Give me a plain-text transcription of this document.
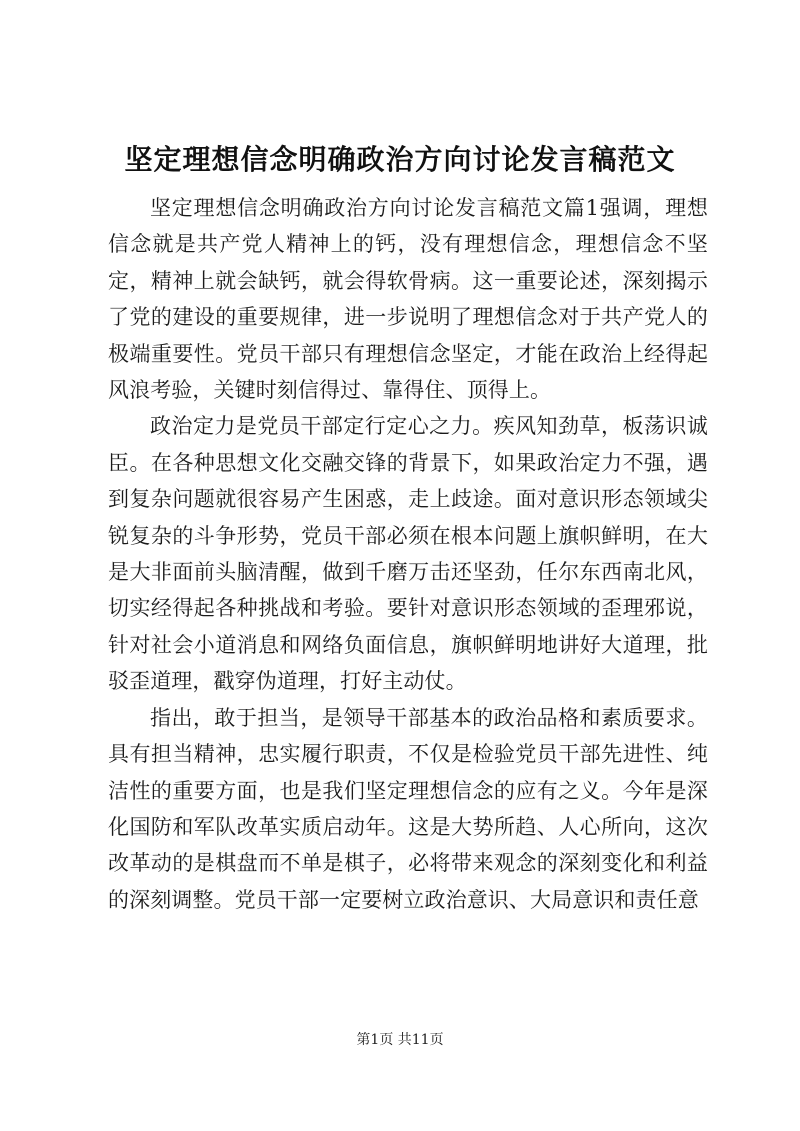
坚定理想信念明确政治方向讨论发言稿范文

坚定理想信念明确政治方向讨论发言稿范文篇1强调，理想信念就是共产党人精神上的钙，没有理想信念，理想信念不坚定，精神上就会缺钙，就会得软骨病。这一重要论述，深刻揭示了党的建设的重要规律，进一步说明了理想信念对于共产党人的极端重要性。党员干部只有理想信念坚定，才能在政治上经得起风浪考验，关键时刻信得过、靠得住、顶得上。

政治定力是党员干部定行定心之力。疾风知劲草，板荡识诚臣。在各种思想文化交融交锋的背景下，如果政治定力不强，遇到复杂问题就很容易产生困惑，走上歧途。面对意识形态领域尖锐复杂的斗争形势，党员干部必须在根本问题上旗帜鲜明，在大是大非面前头脑清醒，做到千磨万击还坚劲，任尔东西南北风，切实经得起各种挑战和考验。要针对意识形态领域的歪理邪说，针对社会小道消息和网络负面信息，旗帜鲜明地讲好大道理，批驳歪道理，戳穿伪道理，打好主动仗。

指出，敢于担当，是领导干部基本的政治品格和素质要求。具有担当精神，忠实履行职责，不仅是检验党员干部先进性、纯洁性的重要方面，也是我们坚定理想信念的应有之义。今年是深化国防和军队改革实质启动年。这是大势所趋、人心所向，这次改革动的是棋盘而不单是棋子，必将带来观念的深刻变化和利益的深刻调整。党员干部一定要树立政治意识、大局意识和责任意

第1页 共11页
